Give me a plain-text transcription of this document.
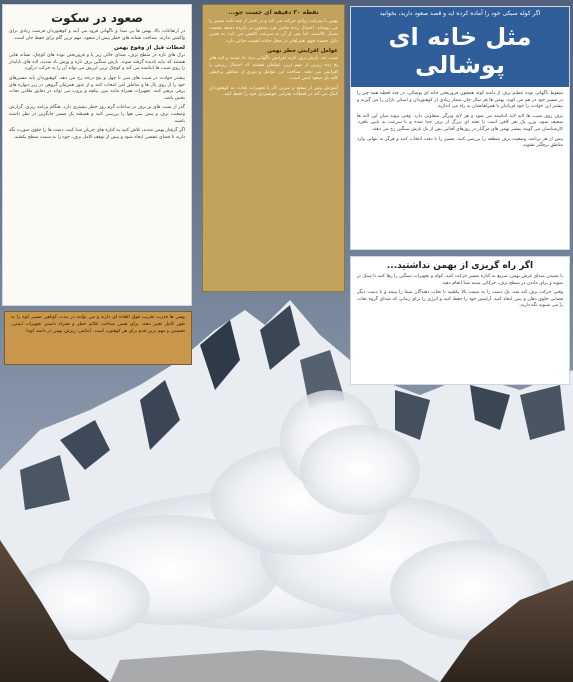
صعود در سکوت

در ارتفاعات بالا، بهمن ها بی صدا و ناگهانی فرود می آیند و کوهنوردان فرصت زیادی برای واکنش ندارند. شناخت نشانه های خطر پیش از صعود، مهم ترین گام برای حفظ جان است.

لحظات قبل از وقوع بهمن

ترک های تازه در سطح برف، صدای خالی زیر پا و فروریختن توده های کوچک، نشانه هایی هستند که نباید نادیده گرفته شوند. بارش سنگین برف تازه و وزش باد شدید، لایه های ناپایدار را روی شیب ها انباشته می کند و کوچک ترین لرزش می تواند آن را به حرکت درآورد.

بیشتر حوادث در شیب های سی تا چهل و پنج درجه رخ می دهد. کوهنوردان باید مسیرهای خود را از روی یال ها و مناطق امن انتخاب کنند و از عبور همزمان گروهی در زیر دیواره های برفی پرهیز کنند. تجهیزات همراه مانند بیپر، بیلچه و پروب می تواند در دقایق طلایی نجات بخش باشد.

گذر از شیب های پر برف در ساعات گرم روز خطر بیشتری دارد. هنگام برنامه ریزی، گزارش وضعیت برف و پیش بینی هوا را بررسی کنید و همیشه یک مسیر جایگزین در نظر داشته باشید.

اگر گرفتار بهمن شدید، تلاش کنید به کناره های جریان شنا کنید، دست ها را جلوی صورت نگه دارید تا فضای تنفسی ایجاد شود و پیش از توقف کامل برف، خود را به سمت سطح بکشید.

نقطه ۳۰ دقیقه ای جست جو...

بهمن با سرعت زیادی حرکت می کند و در کمتر از چند ثانیه مسیر را می پوشاند. احتمال زنده ماندن فرد مدفون در پانزده دقیقه نخست بسیار بالاست، اما پس از آن به سرعت کاهش می یابد؛ به همین دلیل جست جوی همراهان در محل حادثه اهمیت حیاتی دارد.

عوامل افزایش خطر بهمن

شیب تند، بارش برف تازه، افزایش ناگهانی دما، باد شدید و لایه های یخ زده زیرین از مهم ترین عواملی هستند که احتمال ریزش را افزایش می دهند. شناخت این عوامل و دوری از مناطق پرخطر، کلید یک صعود ایمن است.

آموزش پیش از صعود و تمرین کار با تجهیزات نجات، به کوهنوردان کمک می کند در لحظات بحرانی خونسردی خود را حفظ کنند.

اگر کوله سبکی خود را آماده کرده اید و قصد صعود دارید، بخوانید
مثل خانه ای پوشالی

سقوط ناگهانی توده عظیم برف از دامنه کوه، همچون فروریختن خانه ای پوشالی، در چند لحظه همه چیز را در مسیر خود در هم می کوبد. بهمن ها هر سال جان شمار زیادی از کوهنوردان و اسکی بازان را می گیرند و بیشتر این حوادث را خود قربانیان یا همراهانشان به راه می اندازند.

برف روی شیب ها لایه لایه انباشته می شود و هر لایه ویژگی متفاوتی دارد. وقتی پیوند میان این لایه ها ضعیف شود، وزن یک نفر کافی است تا تخته ای بزرگ از برف جدا شده و با سرعت به پایین بلغزد. کارشناسان می گویند بیشتر بهمن های مرگبار در روزهای آفتابی پس از یک بارش سنگین رخ می دهند.

پیش از هر برنامه، وضعیت برف منطقه را بررسی کنید، مسیر را با دقت انتخاب کنید و هرگز به تنهایی وارد مناطق برفگیر نشوید.

اگر راه گریزی از بهمن نداشتید...

با شنیدن صدای غرش بهمن، سریع به کناره مسیر حرکت کنید. کوله و تجهیزات سنگین را رها کنید تا سبک تر شوید و برای ماندن در سطح برف، حرکاتی شبیه شنا انجام دهید.

وقتی حرکت برف کند شد، یک دست را به سمت بالا بکشید تا نجات دهندگان شما را ببینند و با دست دیگر فضایی جلوی دهان و بینی ایجاد کنید. آرامش خود را حفظ کنید و انرژی را برای زمانی که صدای گروه نجات را می شنوید نگه دارید.

بهمن ها قدرت تخریب فوق العاده ای دارند و می توانند در مدت کوتاهی مسیر کوه را به طور کامل تغییر دهند. برای همین شناخت علائم خطر و همراه داشتن تجهیزات ایمنی، نخستین و مهم ترین قدم برای هر کوهنورد است. (عکس: ریزش بهمن در دامنه کوه)
